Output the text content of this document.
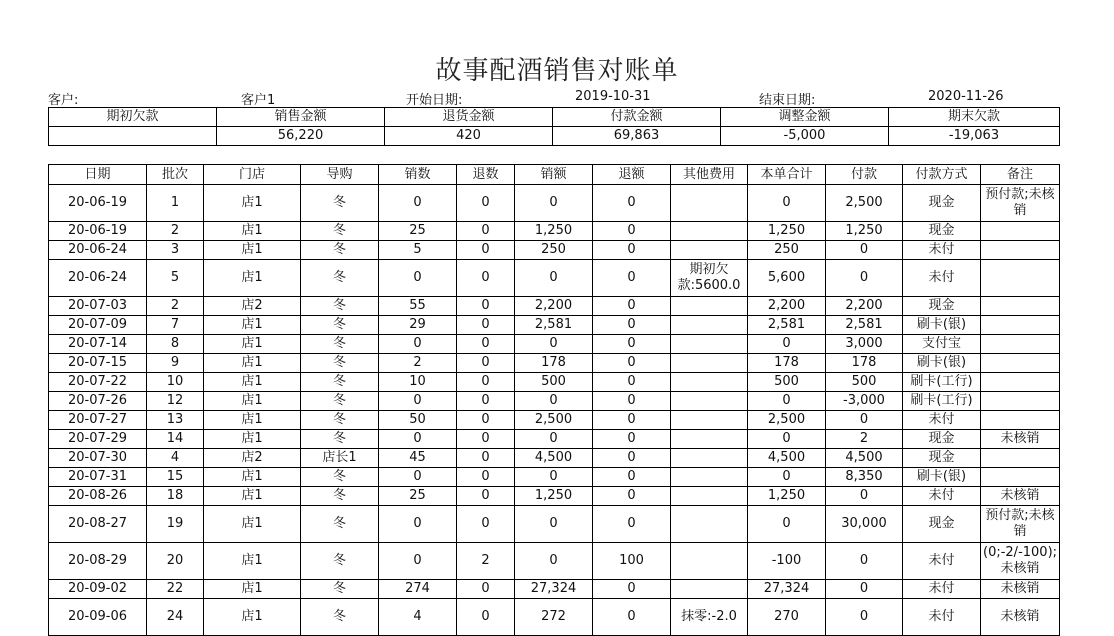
故事配酒销售对账单
客户:	客户1	开始日期:	2019-10-31	结束日期:	2020-11-26
期初欠款	销售金额	退货金额	付款金额	调整金额	期末欠款
	56,220	420	69,863	-5,000	-19,063
日期	批次	门店	导购	销数	退数	销额	退额	其他费用	本单合计	付款	付款方式	备注
20-06-19	1	店1	冬	0	0	0	0		0	2,500	现金	预付款;未核销
20-06-19	2	店1	冬	25	0	1,250	0		1,250	1,250	现金	
20-06-24	3	店1	冬	5	0	250	0		250	0	未付	
20-06-24	5	店1	冬	0	0	0	0	期初欠款:5600.0	5,600	0	未付	
20-07-03	2	店2	冬	55	0	2,200	0		2,200	2,200	现金	
20-07-09	7	店1	冬	29	0	2,581	0		2,581	2,581	刷卡(银)	
20-07-14	8	店1	冬	0	0	0	0		0	3,000	支付宝	
20-07-15	9	店1	冬	2	0	178	0		178	178	刷卡(银)	
20-07-22	10	店1	冬	10	0	500	0		500	500	刷卡(工行)	
20-07-26	12	店1	冬	0	0	0	0		0	-3,000	刷卡(工行)	
20-07-27	13	店1	冬	50	0	2,500	0		2,500	0	未付	
20-07-29	14	店1	冬	0	0	0	0		0	2	现金	未核销
20-07-30	4	店2	店长1	45	0	4,500	0		4,500	4,500	现金	
20-07-31	15	店1	冬	0	0	0	0		0	8,350	刷卡(银)	
20-08-26	18	店1	冬	25	0	1,250	0		1,250	0	未付	未核销
20-08-27	19	店1	冬	0	0	0	0		0	30,000	现金	预付款;未核销
20-08-29	20	店1	冬	0	2	0	100		-100	0	未付	(0;-2/-100);未核销
20-09-02	22	店1	冬	274	0	27,324	0		27,324	0	未付	未核销
20-09-06	24	店1	冬	4	0	272	0	抹零:-2.0	270	0	未付	未核销
